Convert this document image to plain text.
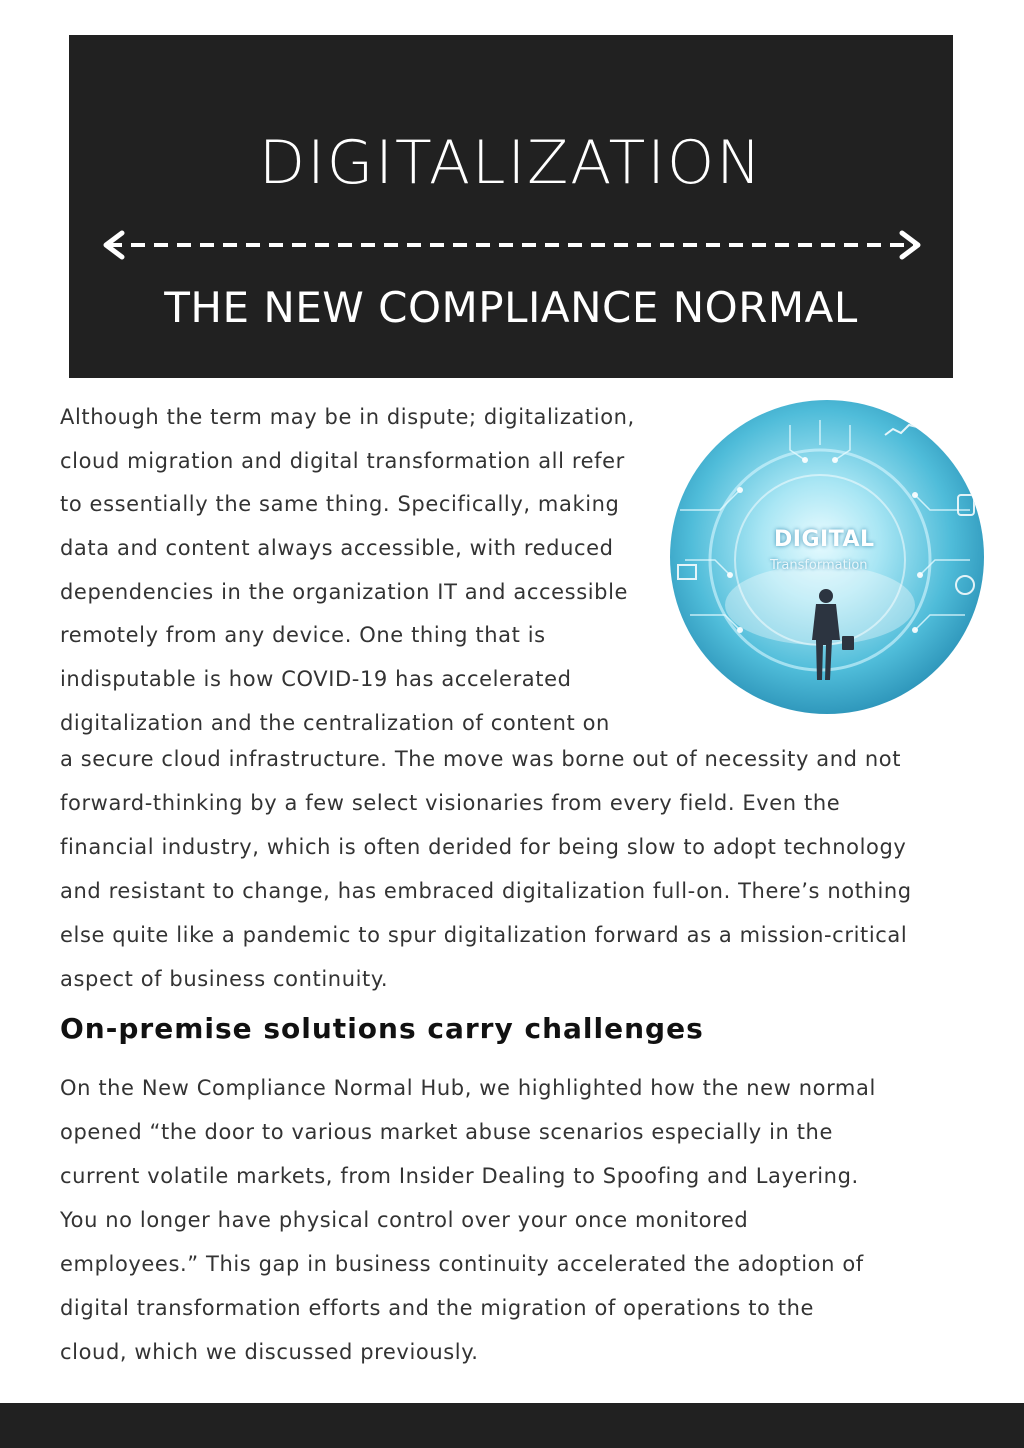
DIGITALIZATION
THE NEW COMPLIANCE NORMAL
Although the term may be in dispute; digitalization,
cloud migration and digital transformation all refer
to essentially the same thing. Specifically, making
data and content always accessible, with reduced
dependencies in the organization IT and accessible
remotely from any device. One thing that is
indisputable is how COVID-19 has accelerated
digitalization and the centralization of content on
DIGITAL
Transformation
a secure cloud infrastructure. The move was borne out of necessity and not
forward-thinking by a few select visionaries from every field. Even the
financial industry, which is often derided for being slow to adopt technology
and resistant to change, has embraced digitalization full-on. There’s nothing
else quite like a pandemic to spur digitalization forward as a mission-critical
aspect of business continuity.
On-premise solutions carry challenges
On the New Compliance Normal Hub, we highlighted how the new normal
opened “the door to various market abuse scenarios especially in the
current volatile markets, from Insider Dealing to Spoofing and Layering.
You no longer have physical control over your once monitored
employees.” This gap in business continuity accelerated the adoption of
digital transformation efforts and the migration of operations to the
cloud, which we discussed previously.
